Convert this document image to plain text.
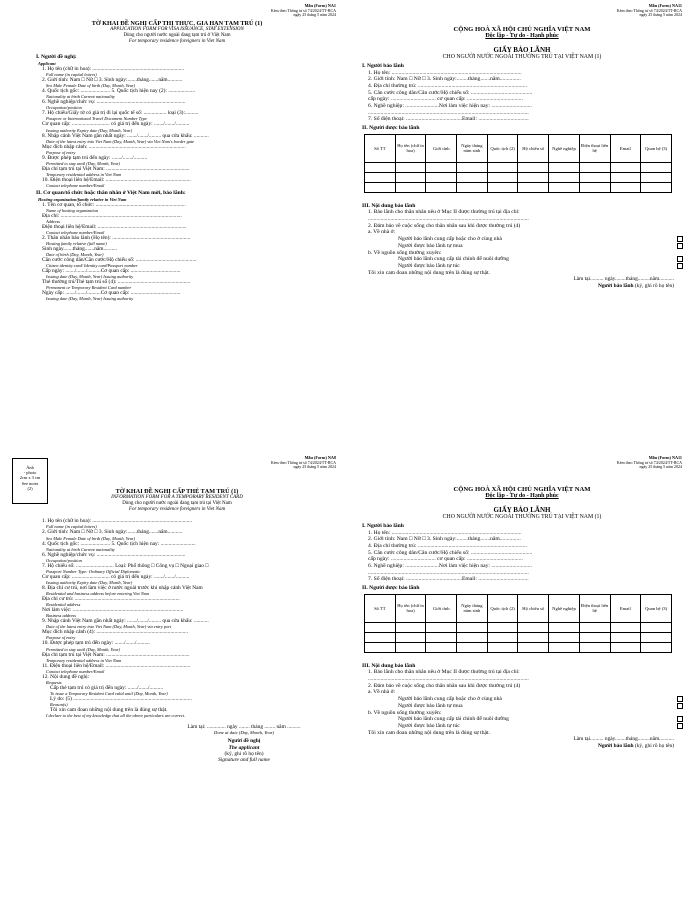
Mẫu (Form) NA1
Kèm theo Thông tư số 74/2024/TT-BCA
ngày 25 tháng 5 năm 2024
TỜ KHAI ĐỀ NGHỊ CẤP THỊ THỰC, GIA HẠN TẠM TRÚ (1)
APPLICATION FORM FOR VISA ISSUANCE, STAY EXTENSION
Dùng cho người nước ngoài đang tạm trú ở Việt Nam
For temporary residence foreigners in Viet Nam
I. Người đề nghị:
Applicant
1. Họ tên (chữ in hoa): ....................................................................
Full name (in capital letters)
2. Giới tính: Nam □ Nữ □ 3. Sinh ngày:.......tháng.......năm...........
Sex Male Female Date of birth (Day, Month, Year)
4. Quốc tịch gốc: ...................... 5. Quốc tịch hiện nay (2): ....................
Nationality at birth Current nationality
6. Nghề nghiệp/chức vụ: ..................................................................
Occupation/position
7. Hộ chiếu/Giấy tờ có giá trị đi lại quốc tế số: ................. loại (3):..........
Passport or International Travel Document Number Type
Cơ quan cấp: ............................ có giá trị đến ngày: ......./......./..........
Issuing authority Expiry date (Day, Month, Year)
8. Nhập cảnh Việt Nam gần nhất ngày: ......./......./......... qua cửa khẩu: ...........
Date of the latest entry into Viet Nam (Day, Month, Year) via Viet Nam's border gate
Mục đích nhập cảnh: ........................................................................
Purpose of entry
9. Được phép tạm trú đến ngày: ......./......./..........
Permitted to stay until (Day, Month, Year)
Địa chỉ tạm trú tại Việt Nam: ..............................................................
Temporary residential address in Viet Nam
10. Điện thoại liên hệ/Email: ...............................................................
Contact telephone number/Email
II. Cơ quan/tổ chức hoặc thân nhân ở Việt Nam mời, bảo lãnh:
Hosting organization/family relative in Viet Nam
1. Tên cơ quan, tổ chức: ...................................................................
Name of hosting organization
Địa chỉ: ..........................................................................................
Address
Điện thoại liên hệ/Email: ..................................................................
Contact telephone number/Email
2. Thân nhân bảo lãnh (Họ tên): ..........................................................
Hosting family relative (full name)
Sinh ngày.......tháng.......năm..........
Date of birth (Day, Month, Year)
Căn cước công dân/Căn cước/Hộ chiếu số: .............................................
Citizen identity card/ Identity card/Passport number
Cấp ngày: ......./......./..........Cơ quan cấp: .....................................
Issuing date (Day, Month, Year) Issuing authority
Thẻ thường trú/Thẻ tạm trú số (4): ......................................................
Permanent or Temporary Resident Card number
Ngày cấp: ......./......./..........Cơ quan cấp: .....................................
Issuing date (Day, Month, Year) Issuing authority
Mẫu (Form) NA11
Kèm theo Thông tư số 74/2024/TT-BCA
ngày 25 tháng 5 năm 2024
CỘNG HOÀ XÃ HỘI CHỦ NGHĨA VIỆT NAM
Độc lập - Tự do - Hạnh phúc
GIẤY BẢO LÃNH
CHO NGƯỜI NƯỚC NGOÀI THƯỜNG TRÚ TẠI VIỆT NAM (1)
I. Người bảo lãnh
1. Họ tên: .............................................................................................
2. Giới tính: Nam □ Nữ □ 3. Sinh ngày:........tháng.......năm...............
4. Địa chỉ thường trú: ..............................................................................
5. Căn cước công dân/Căn cước/Hộ chiếu số: ............................................
cấp ngày: ................................ cơ quan cấp: ........................................
6. Nghề nghiệp: ........................Nơi làm việc hiện nay: .............................
...................................................................................................................
7. Số điện thoại: ........................................Email: ....................................
II. Người được bảo lãnh
Số TT	Họ tên (chữ in hoa)	Giới tính	Ngày tháng năm sinh	Quốc tịch (2)	Hộ chiếu số	Nghề nghiệp	Điện thoại liên hệ	Email	Quan hệ (3)

III. Nội dung bảo lãnh
1. Bảo lãnh cho thân nhân nêu ở Mục II được thường trú tại địa chỉ:
...................................................................................................................
2. Đảm bảo về cuộc sống cho thân nhân sau khi được thường trú (4)
a. Về nhà ở:
Người bảo lãnh cung cấp hoặc cho ở cùng nhà
Người được bảo lãnh tự mua
b. Về nguồn sống thường xuyên:
Người bảo lãnh cung cấp tài chính để nuôi dưỡng
Người được bảo lãnh tự túc
Tôi xin cam đoan những nội dung trên là đúng sự thật.
Làm tại.......... ngày........tháng.........năm...........
Người bảo lãnh (ký, ghi rõ họ tên)
Ảnh
- photo
2cm x 3 cm
See notes
(2)
Mẫu (Form) NA8
Kèm theo Thông tư số 74/2024/TT-BCA
ngày 25 tháng 5 năm 2024
TỜ KHAI ĐỀ NGHỊ CẤP THẺ TẠM TRÚ (1)
INFORMATION FORM FOR A TEMPORARY RESIDENT CARD
Dùng cho người nước ngoài đang tạm trú tại Việt Nam
For temporary residence foreigners in Viet Nam
1. Họ tên (chữ in hoa): ..........................................................................
Full name (in capital letters)
2. Giới tính: Nam □ Nữ □ 3. Sinh ngày:.......tháng.......năm...........
Sex Male Female Date of birth (Day, Month, Year)
4. Quốc tịch gốc: ...................... 5. Quốc tịch hiện nay: ..........................
Nationality at birth Current nationality
6. Nghề nghiệp/chức vụ: ..................................................................
Occupation/position
7. Hộ chiếu số: ............................ Loại: Phổ thông □ Công vụ □ Ngoại giao □
Passport Number Type: Ordinary Official Diplomatic
Cơ quan cấp: ............................ có giá trị đến ngày: ......./......./..........
Issuing authority Expiry date (Day, Month, Year)
8. Địa chỉ cư trú, nơi làm việc ở nước ngoài trước khi nhập cảnh Việt Nam
Residential and business address before entering Viet Nam
Địa chỉ cư trú: ..............................................................................
Residential address
Nơi làm việc: ..................................................................................
Business address
9. Nhập cảnh Việt Nam gần nhất ngày: ......./......./......... qua cửa khẩu: ...........
Date of the latest entry into Viet Nam (Day, Month, Year) via entry port
Mục đích nhập cảnh (4): ....................................................................
Purpose of entry
10. Được phép tạm trú đến ngày: ......./......./..........
Permitted to stay until (Day, Month, Year)
Địa chỉ tạm trú tại Việt Nam: ..............................................................
Temporary residential address in Viet Nam
11. Điện thoại liên hệ/Email: ...............................................................
Contact telephone number/Email
12. Nội dung đề nghị:
Requests
Cấp thẻ tạm trú có giá trị đến ngày: ......./......./..........
To issue a Temporary Resident Card valid until (Day, Month, Year)
Lý do: (5) ........................................................................................
Reason(s)
Tôi xin cam đoan những nội dung trên là đúng sự thật.
I declare to the best of my knowledge that all the above particulars are correct.
Làm tại: .............. ngày ........ tháng ........ năm ..........
Done at date (Day, Month, Year)
Người đề nghị
The applicant
(ký, ghi rõ họ tên)
Signature and full name
Mẫu (Form) NA11
Kèm theo Thông tư số 74/2024/TT-BCA
ngày 25 tháng 5 năm 2024
CỘNG HOÀ XÃ HỘI CHỦ NGHĨA VIỆT NAM
Độc lập - Tự do - Hạnh phúc
GIẤY BẢO LÃNH
CHO NGƯỜI NƯỚC NGOÀI THƯỜNG TRÚ TẠI VIỆT NAM (1)
I. Người bảo lãnh
1. Họ tên: .............................................................................................
2. Giới tính: Nam □ Nữ □ 3. Sinh ngày:........tháng.......năm...............
4. Địa chỉ thường trú: ..............................................................................
5. Căn cước công dân/Căn cước/Hộ chiếu số: ............................................
cấp ngày: ................................ cơ quan cấp: ........................................
6. Nghề nghiệp: ........................Nơi làm việc hiện nay: .............................
...................................................................................................................
7. Số điện thoại: ........................................Email: ....................................
II. Người được bảo lãnh
Số TT	Họ tên (chữ in hoa)	Giới tính	Ngày tháng năm sinh	Quốc tịch (2)	Hộ chiếu số	Nghề nghiệp	Điện thoại liên hệ	Email	Quan hệ (3)

III. Nội dung bảo lãnh
1. Bảo lãnh cho thân nhân nêu ở Mục II được thường trú tại địa chỉ:
...................................................................................................................
2. Đảm bảo về cuộc sống cho thân nhân sau khi được thường trú (4)
a. Về nhà ở:
Người bảo lãnh cung cấp hoặc cho ở cùng nhà
Người được bảo lãnh tự mua
b. Về nguồn sống thường xuyên:
Người bảo lãnh cung cấp tài chính để nuôi dưỡng
Người được bảo lãnh tự túc
Tôi xin cam đoan những nội dung trên là đúng sự thật.
Làm tại.......... ngày........tháng.........năm...........
Người bảo lãnh (ký, ghi rõ họ tên)
